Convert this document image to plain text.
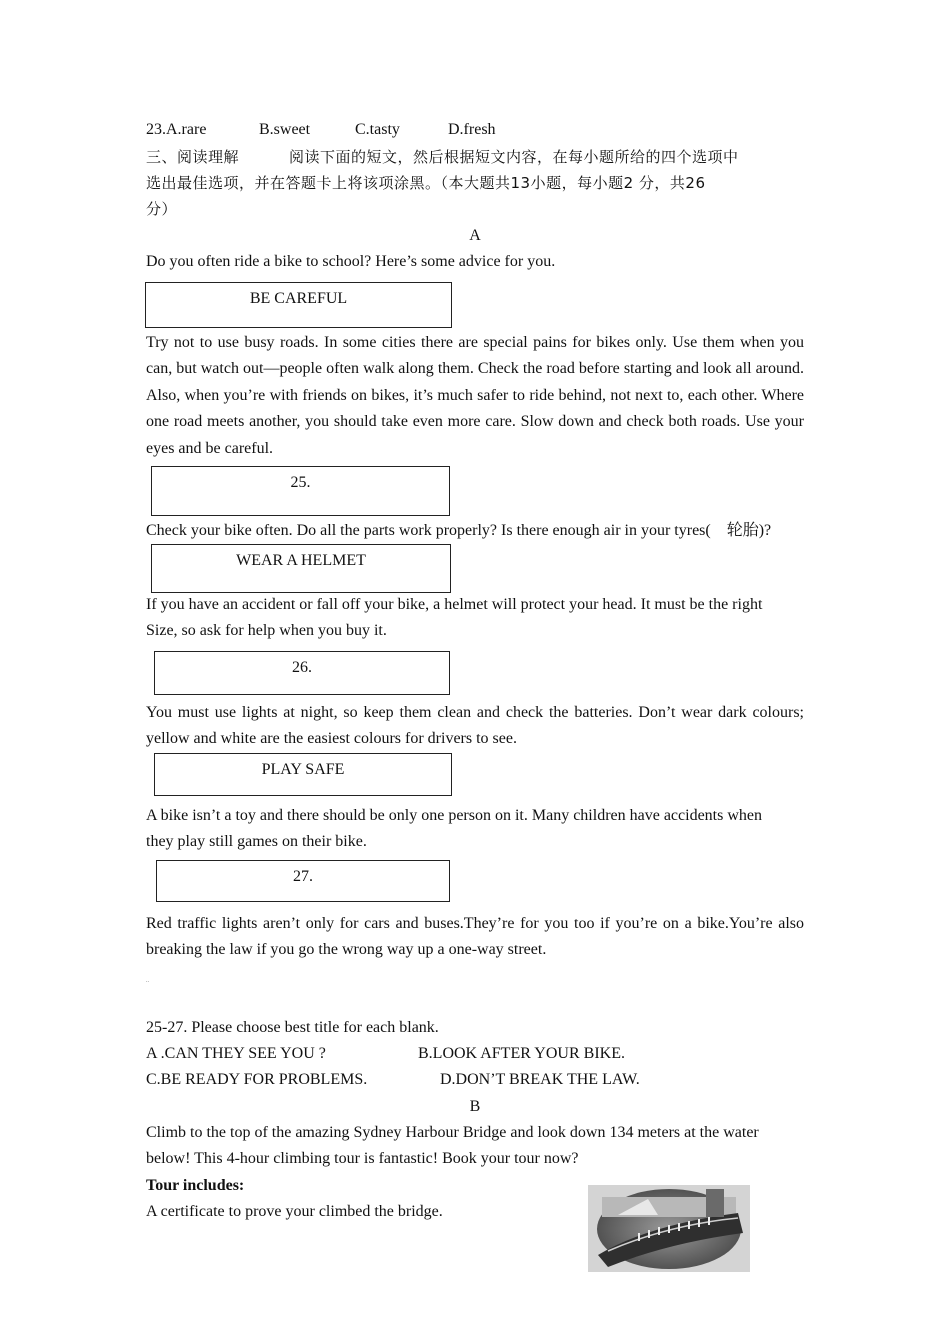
23.A.rare	B.sweet	C.tasty	D.fresh
三、阅读理解	阅读下面的短文，然后根据短文内容，在每小题所给的四个选项中
选出最佳选项，并在答题卡上将该项涂黑。（本大题共13小题，每小题2 分，共26
分）
A
Do you often ride a bike to school? Here’s some advice for you.
BE CAREFUL
Try not to use busy roads. In some cities there are special pains for bikes only. Use them when you can, but watch out—people often walk along them. Check the road before starting and look all around. Also, when you’re with friends on bikes, it’s much safer to ride behind, not next to, each other. Where one road meets another, you should take even more care. Slow down and check both roads. Use your eyes and be careful.
25.
Check your bike often. Do all the parts work properly? Is there enough air in your tyres(　轮胎)?
WEAR A HELMET
If you have an accident or fall off your bike, a helmet will protect your head. It must be the right
Size, so ask for help when you buy it.
26.
You must use lights at night, so keep them clean and check the batteries. Don’t wear dark colours; yellow and white are the easiest colours for drivers to see.
PLAY SAFE
A bike isn’t a toy and there should be only one person on it. Many children have accidents when
they play still games on their bike.
27.
Red traffic lights aren’t only for cars and buses.They’re for you too if you’re on a bike.You’re also breaking the law if you go the wrong way up a one-way street.
..
25-27. Please choose best title for each blank.
A .CAN THEY SEE YOU ?	B.LOOK AFTER YOUR BIKE.
C.BE READY FOR PROBLEMS.	D.DON’T BREAK THE LAW.
B
Climb to the top of the amazing Sydney Harbour Bridge and look down 134 meters at the water
below! This 4-hour climbing tour is fantastic! Book your tour now?
Tour includes:
A certificate to prove your climbed the bridge.
